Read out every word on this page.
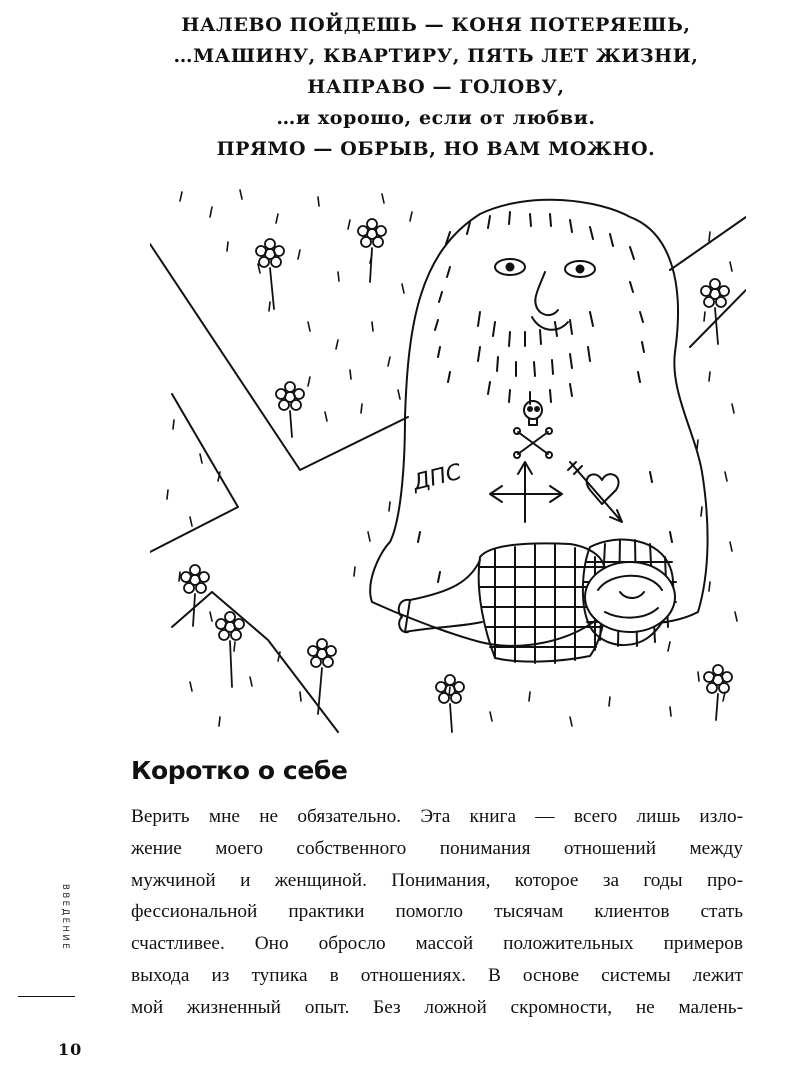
НАЛЕВО ПОЙДЕШЬ — КОНЯ ПОТЕРЯЕШЬ,
…МАШИНУ, КВАРТИРУ, ПЯТЬ ЛЕТ ЖИЗНИ,
НАПРАВО — ГОЛОВУ,
…и хорошо, если от любви.
ПРЯМО — ОБРЫВ, НО ВАМ МОЖНО.
ДПС
Коротко о себе
Верить мне не обязательно. Эта книга — всего лишь изло-
жение моего собственного понимания отношений между
мужчиной и женщиной. Понимания, которое за годы про-
фессиональной практики помогло тысячам клиентов стать
счастливее. Оно обросло массой положительных примеров
выхода из тупика в отношениях. В основе системы лежит
мой жизненный опыт. Без ложной скромности, не малень-
ВВЕДЕНИЕ
10
